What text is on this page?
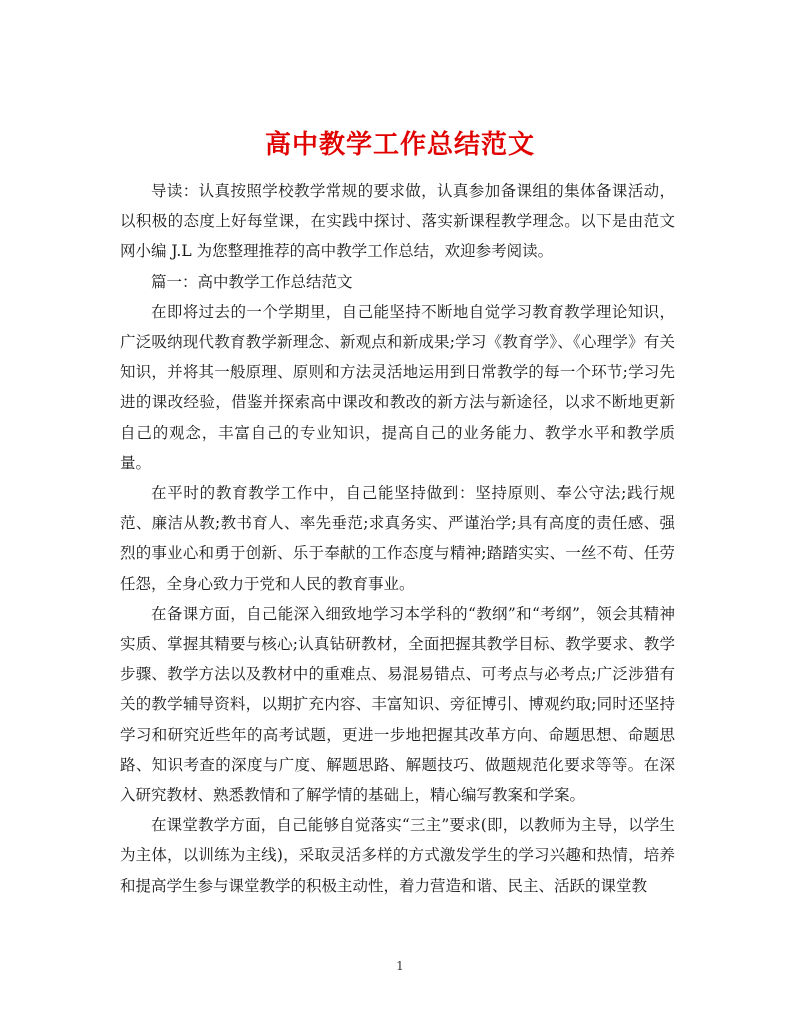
高中教学工作总结范文

导读：认真按照学校教学常规的要求做，认真参加备课组的集体备课活动，以积极的态度上好每堂课，在实践中探讨、落实新课程教学理念。以下是由范文网小编 J.L 为您整理推荐的高中教学工作总结，欢迎参考阅读。

篇一：高中教学工作总结范文

在即将过去的一个学期里，自己能坚持不断地自觉学习教育教学理论知识，广泛吸纳现代教育教学新理念、新观点和新成果;学习《教育学》、《心理学》有关知识，并将其一般原理、原则和方法灵活地运用到日常教学的每一个环节;学习先进的课改经验，借鉴并探索高中课改和教改的新方法与新途径，以求不断地更新自己的观念，丰富自己的专业知识，提高自己的业务能力、教学水平和教学质量。

在平时的教育教学工作中，自己能坚持做到：坚持原则、奉公守法;践行规范、廉洁从教;教书育人、率先垂范;求真务实、严谨治学;具有高度的责任感、强烈的事业心和勇于创新、乐于奉献的工作态度与精神;踏踏实实、一丝不苟、任劳任怨，全身心致力于党和人民的教育事业。

在备课方面，自己能深入细致地学习本学科的“教纲”和“考纲”，领会其精神实质、掌握其精要与核心;认真钻研教材，全面把握其教学目标、教学要求、教学步骤、教学方法以及教材中的重难点、易混易错点、可考点与必考点;广泛涉猎有关的教学辅导资料，以期扩充内容、丰富知识、旁征博引、博观约取;同时还坚持学习和研究近些年的高考试题，更进一步地把握其改革方向、命题思想、命题思路、知识考查的深度与广度、解题思路、解题技巧、做题规范化要求等等。在深入研究教材、熟悉教情和了解学情的基础上，精心编写教案和学案。

在课堂教学方面，自己能够自觉落实“三主”要求(即，以教师为主导，以学生为主体，以训练为主线)，采取灵活多样的方式激发学生的学习兴趣和热情，培养和提高学生参与课堂教学的积极主动性，着力营造和谐、民主、活跃的课堂教

1
